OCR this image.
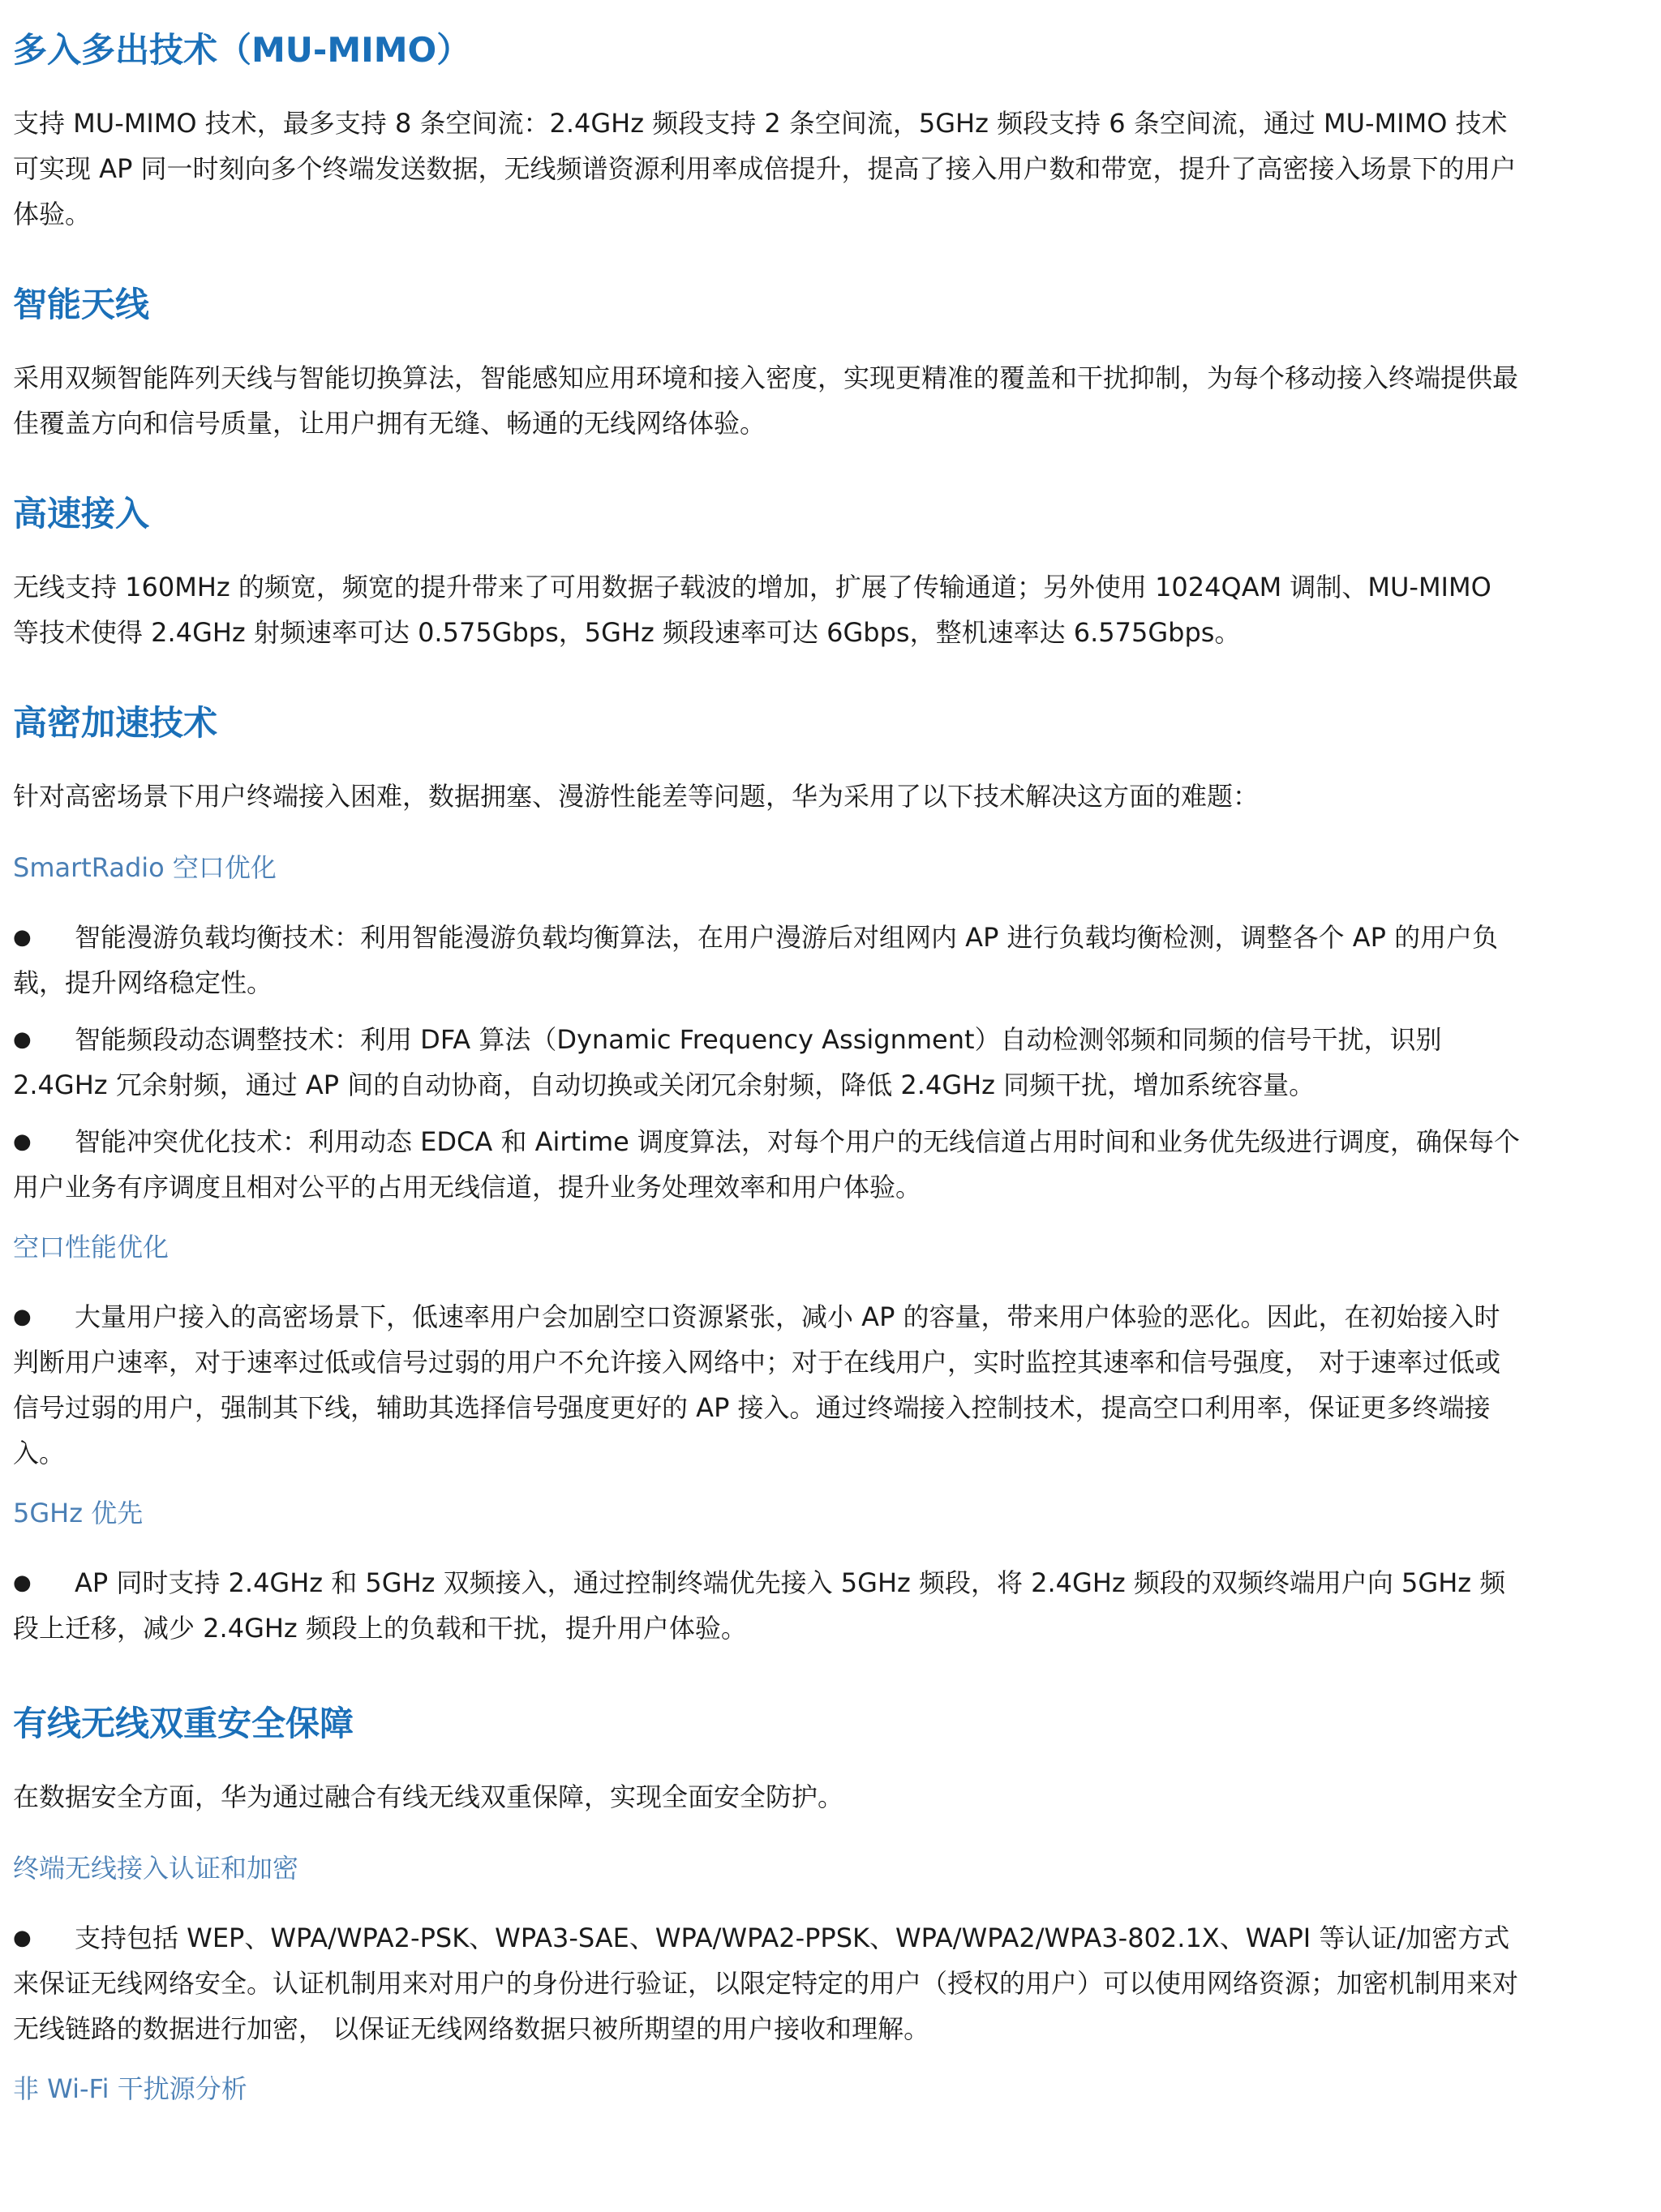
多入多出技术（MU-MIMO）

支持 MU-MIMO 技术，最多支持 8 条空间流：2.4GHz 频段支持 2 条空间流，5GHz 频段支持 6 条空间流，通过 MU-MIMO 技术可实现 AP 同一时刻向多个终端发送数据，无线频谱资源利用率成倍提升，提高了接入用户数和带宽，提升了高密接入场景下的用户体验。

智能天线

采用双频智能阵列天线与智能切换算法，智能感知应用环境和接入密度，实现更精准的覆盖和干扰抑制，为每个移动接入终端提供最佳覆盖方向和信号质量，让用户拥有无缝、畅通的无线网络体验。

高速接入

无线支持 160MHz 的频宽，频宽的提升带来了可用数据子载波的增加，扩展了传输通道；另外使用 1024QAM 调制、MU-MIMO 等技术使得 2.4GHz 射频速率可达 0.575Gbps，5GHz 频段速率可达 6Gbps，整机速率达 6.575Gbps。

高密加速技术

针对高密场景下用户终端接入困难，数据拥塞、漫游性能差等问题，华为采用了以下技术解决这方面的难题：

SmartRadio 空口优化
● 智能漫游负载均衡技术：利用智能漫游负载均衡算法，在用户漫游后对组网内 AP 进行负载均衡检测，调整各个 AP 的用户负载，提升网络稳定性。
● 智能频段动态调整技术：利用 DFA 算法（Dynamic Frequency Assignment）自动检测邻频和同频的信号干扰，识别 2.4GHz 冗余射频，通过 AP 间的自动协商，自动切换或关闭冗余射频，降低 2.4GHz 同频干扰，增加系统容量。
● 智能冲突优化技术：利用动态 EDCA 和 Airtime 调度算法，对每个用户的无线信道占用时间和业务优先级进行调度，确保每个用户业务有序调度且相对公平的占用无线信道，提升业务处理效率和用户体验。
空口性能优化
● 大量用户接入的高密场景下，低速率用户会加剧空口资源紧张，减小 AP 的容量，带来用户体验的恶化。因此，在初始接入时判断用户速率，对于速率过低或信号过弱的用户不允许接入网络中；对于在线用户，实时监控其速率和信号强度， 对于速率过低或信号过弱的用户，强制其下线，辅助其选择信号强度更好的 AP 接入。通过终端接入控制技术，提高空口利用率，保证更多终端接入。
5GHz 优先
● AP 同时支持 2.4GHz 和 5GHz 双频接入，通过控制终端优先接入 5GHz 频段，将 2.4GHz 频段的双频终端用户向 5GHz 频段上迁移，减少 2.4GHz 频段上的负载和干扰，提升用户体验。
有线无线双重安全保障

在数据安全方面，华为通过融合有线无线双重保障，实现全面安全防护。

终端无线接入认证和加密
● 支持包括 WEP、WPA/WPA2-PSK、WPA3-SAE、WPA/WPA2-PPSK、WPA/WPA2/WPA3-802.1X、WAPI 等认证/加密方式来保证无线网络安全。认证机制用来对用户的身份进行验证，以限定特定的用户（授权的用户）可以使用网络资源；加密机制用来对无线链路的数据进行加密， 以保证无线网络数据只被所期望的用户接收和理解。
非 Wi-Fi 干扰源分析
